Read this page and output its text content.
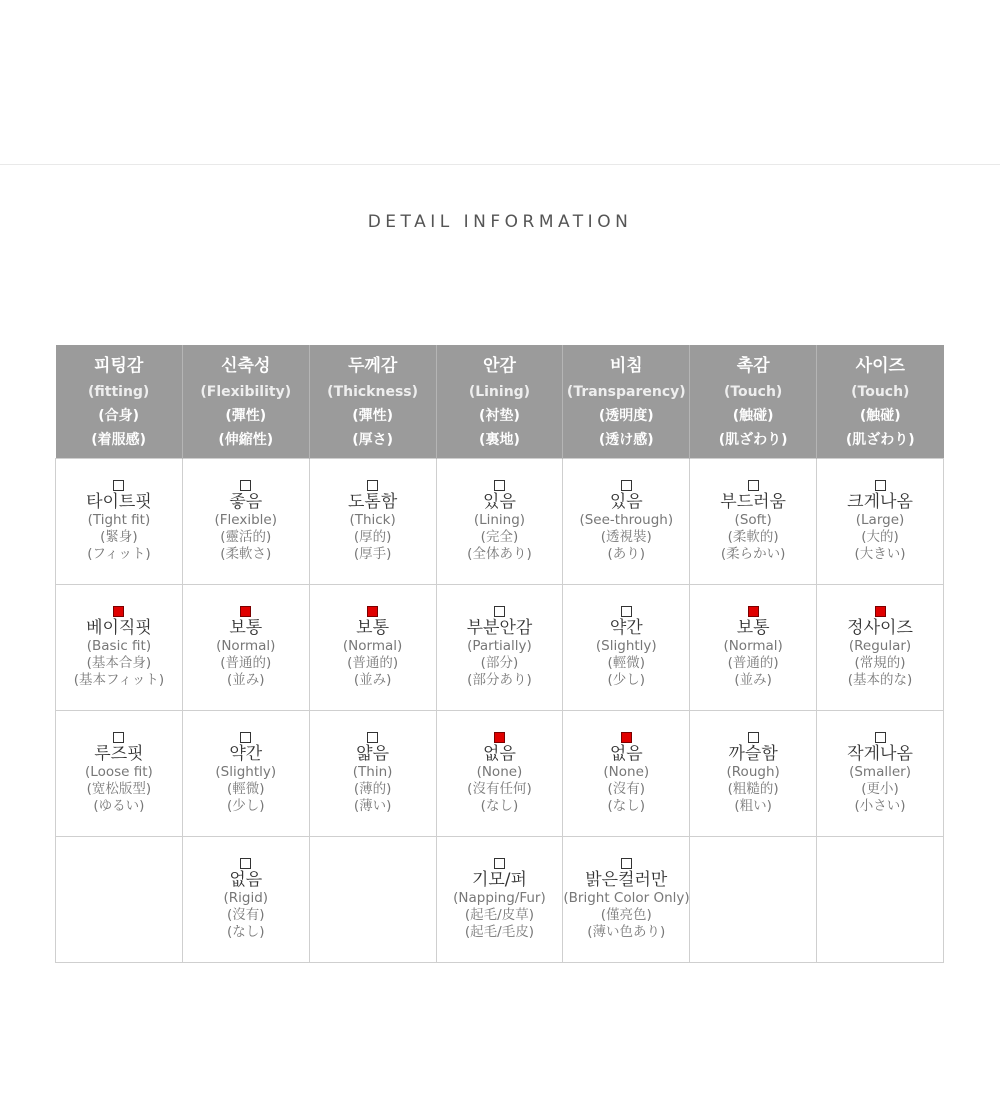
DETAIL INFORMATION
피팅감
(fitting)
(合身)
(着服感)	신축성
(Flexibility)
(彈性)
(伸縮性)	두께감
(Thickness)
(彈性)
(厚さ)	안감
(Lining)
(衬垫)
(裏地)	비침
(Transparency)
(透明度)
(透け感)	촉감
(Touch)
(触碰)
(肌ざわり)	사이즈
(Touch)
(触碰)
(肌ざわり)

타이트핏
(Tight fit)
(緊身)
(フィット)	좋음
(Flexible)
(靈活的)
(柔軟さ)	도톰함
(Thick)
(厚的)
(厚手)	있음
(Lining)
(完全)
(全体あり)	있음
(See-through)
(透視裝)
(あり)	부드러움
(Soft)
(柔軟的)
(柔らかい)	크게나옴
(Large)
(大的)
(大きい)

베이직핏
(Basic fit)
(基本合身)
(基本フィット)	보통
(Normal)
(普通的)
(並み)	보통
(Normal)
(普通的)
(並み)	부분안감
(Partially)
(部分)
(部分あり)	약간
(Slightly)
(輕微)
(少し)	보통
(Normal)
(普通的)
(並み)	정사이즈
(Regular)
(常規的)
(基本的な)

루즈핏
(Loose fit)
(宽松版型)
(ゆるい)	약간
(Slightly)
(輕微)
(少し)	얇음
(Thin)
(薄的)
(薄い)	없음
(None)
(沒有任何)
(なし)	없음
(None)
(沒有)
(なし)	까슬함
(Rough)
(粗糙的)
(粗い)	작게나옴
(Smaller)
(更小)
(小さい)

	없음
(Rigid)
(沒有)
(なし)		기모/퍼
(Napping/Fur)
(起毛/皮草)
(起毛/毛皮)	밝은컬러만
(Bright Color Only)
(僅亮色)
(薄い色あり)		
